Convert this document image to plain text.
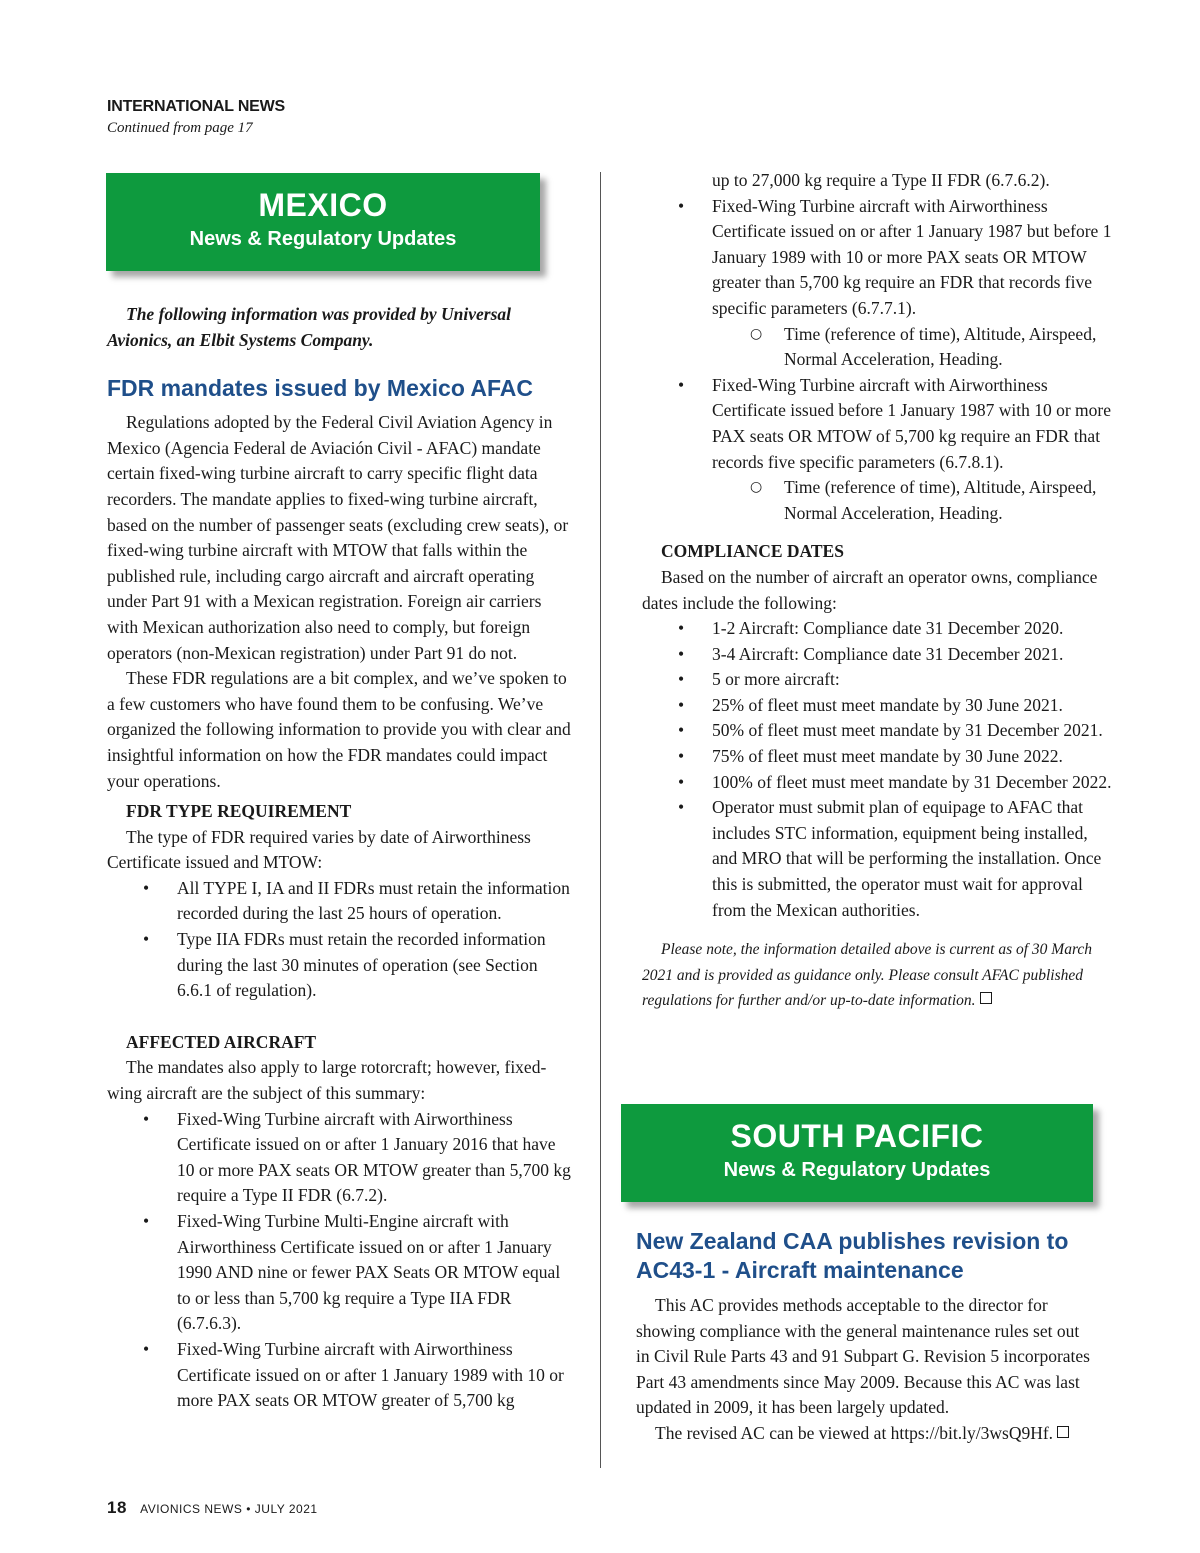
INTERNATIONAL NEWS
Continued from page 17
MEXICO
News & Regulatory Updates

The following information was provided by Universal Avionics, an Elbit Systems Company.

FDR mandates issued by Mexico AFAC

Regulations adopted by the Federal Civil Aviation Agency in Mexico (Agencia Federal de Aviación Civil - AFAC) mandate certain fixed-wing turbine aircraft to carry specific flight data recorders. The mandate applies to fixed-wing turbine aircraft, based on the number of passenger seats (excluding crew seats), or fixed-wing turbine aircraft with MTOW that falls within the published rule, including cargo aircraft and aircraft operating under Part 91 with a Mexican registration. Foreign air carriers with Mexican authorization also need to comply, but foreign operators (non-Mexican registration) under Part 91 do not.

These FDR regulations are a bit complex, and we’ve spoken to a few customers who have found them to be confusing. We’ve organized the following information to provide you with clear and insightful information on how the FDR mandates could impact your operations.

FDR TYPE REQUIREMENT

The type of FDR required varies by date of Airworthiness Certificate issued and MTOW:

• All TYPE I, IA and II FDRs must retain the information recorded during the last 25 hours of operation.
• Type IIA FDRs must retain the recorded information during the last 30 minutes of operation (see Section 6.6.1 of regulation).

AFFECTED AIRCRAFT

The mandates also apply to large rotorcraft; however, fixed-wing aircraft are the subject of this summary:

• Fixed-Wing Turbine aircraft with Airworthiness Certificate issued on or after 1 January 2016 that have 10 or more PAX seats OR MTOW greater than 5,700 kg require a Type II FDR (6.7.2).
• Fixed-Wing Turbine Multi-Engine aircraft with Airworthiness Certificate issued on or after 1 January 1990 AND nine or fewer PAX Seats OR MTOW equal to or less than 5,700 kg require a Type IIA FDR (6.7.6.3).
• Fixed-Wing Turbine aircraft with Airworthiness Certificate issued on or after 1 January 1989 with 10 or more PAX seats OR MTOW greater of 5,700 kg
up to 27,000 kg require a Type II FDR (6.7.6.2).
• Fixed-Wing Turbine aircraft with Airworthiness Certificate issued on or after 1 January 1987 but before 1 January 1989 with 10 or more PAX seats OR MTOW greater than 5,700 kg require an FDR that records five specific parameters (6.7.7.1).
○ Time (reference of time), Altitude, Airspeed, Normal Acceleration, Heading.
• Fixed-Wing Turbine aircraft with Airworthiness Certificate issued before 1 January 1987 with 10 or more PAX seats OR MTOW of 5,700 kg require an FDR that records five specific parameters (6.7.8.1).
○ Time (reference of time), Altitude, Airspeed, Normal Acceleration, Heading.

COMPLIANCE DATES

Based on the number of aircraft an operator owns, compliance dates include the following:

• 1-2 Aircraft: Compliance date 31 December 2020.
• 3-4 Aircraft: Compliance date 31 December 2021.
• 5 or more aircraft:
• 25% of fleet must meet mandate by 30 June 2021.
• 50% of fleet must meet mandate by 31 December 2021.
• 75% of fleet must meet mandate by 30 June 2022.
• 100% of fleet must meet mandate by 31 December 2022.
• Operator must submit plan of equipage to AFAC that includes STC information, equipment being installed, and MRO that will be performing the installation. Once this is submitted, the operator must wait for approval from the Mexican authorities.

Please note, the information detailed above is current as of 30 March 2021 and is provided as guidance only. Please consult AFAC published regulations for further and/or up-to-date information.

SOUTH PACIFIC
News & Regulatory Updates
New Zealand CAA publishes revision to AC43-1 - Aircraft maintenance

This AC provides methods acceptable to the director for showing compliance with the general maintenance rules set out in Civil Rule Parts 43 and 91 Subpart G. Revision 5 incorporates Part 43 amendments since May 2009. Because this AC was last updated in 2009, it has been largely updated.

The revised AC can be viewed at https://bit.ly/3wsQ9Hf.

18 AVIONICS NEWS • JULY 2021
